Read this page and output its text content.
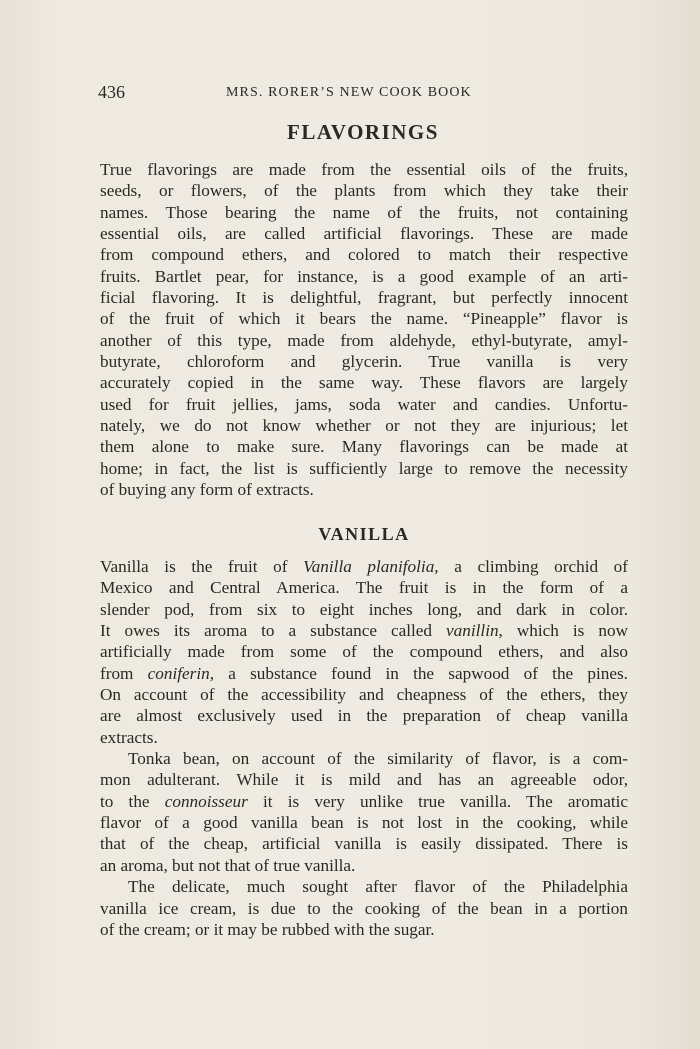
436	MRS. RORER’S NEW COOK BOOK
FLAVORINGS
True flavorings are made from the essential oils of the fruits,
seeds, or flowers, of the plants from which they take their
names. Those bearing the name of the fruits, not containing
essential oils, are called artificial flavorings. These are made
from compound ethers, and colored to match their respective
fruits. Bartlet pear, for instance, is a good example of an arti-
ficial flavoring. It is delightful, fragrant, but perfectly innocent
of the fruit of which it bears the name. “Pineapple” flavor is
another of this type, made from aldehyde, ethyl-butyrate, amyl-
butyrate, chloroform and glycerin. True vanilla is very
accurately copied in the same way. These flavors are largely
used for fruit jellies, jams, soda water and candies. Unfortu-
nately, we do not know whether or not they are injurious; let
them alone to make sure. Many flavorings can be made at
home; in fact, the list is sufficiently large to remove the necessity
of buying any form of extracts.
VANILLA
Vanilla is the fruit of Vanilla planifolia, a climbing orchid of
Mexico and Central America. The fruit is in the form of a
slender pod, from six to eight inches long, and dark in color.
It owes its aroma to a substance called vanillin, which is now
artificially made from some of the compound ethers, and also
from coniferin, a substance found in the sapwood of the pines.
On account of the accessibility and cheapness of the ethers, they
are almost exclusively used in the preparation of cheap vanilla
extracts.
Tonka bean, on account of the similarity of flavor, is a com-
mon adulterant. While it is mild and has an agreeable odor,
to the connoisseur it is very unlike true vanilla. The aromatic
flavor of a good vanilla bean is not lost in the cooking, while
that of the cheap, artificial vanilla is easily dissipated. There is
an aroma, but not that of true vanilla.
The delicate, much sought after flavor of the Philadelphia
vanilla ice cream, is due to the cooking of the bean in a portion
of the cream; or it may be rubbed with the sugar.
